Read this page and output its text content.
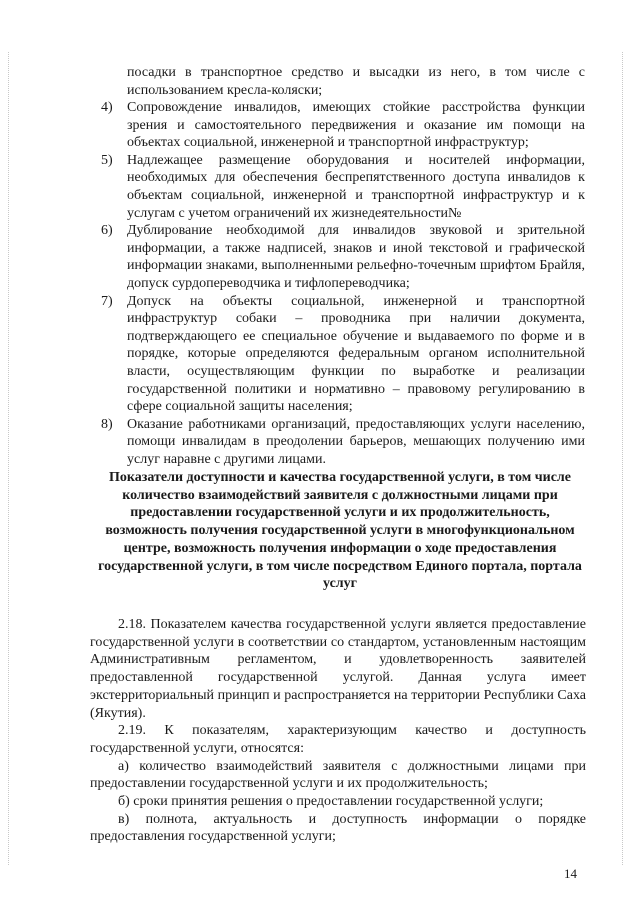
посадки в транспортное средство и высадки из него, в том числе с использованием кресла-коляски;
4)	Сопровождение инвалидов, имеющих стойкие расстройства функции зрения и самостоятельного передвижения и оказание им помощи на объектах социальной, инженерной и транспортной инфраструктур;
5)	Надлежащее размещение оборудования и носителей информации, необходимых для обеспечения беспрепятственного доступа инвалидов к объектам социальной, инженерной и транспортной инфраструктур и к услугам с учетом ограничений их жизнедеятельности№
6)	Дублирование необходимой для инвалидов звуковой и зрительной информации, а также надписей, знаков и иной текстовой и графической информации знаками, выполненными рельефно-точечным шрифтом Брайля, допуск сурдопереводчика и тифлопереводчика;
7)	Допуск на объекты социальной, инженерной и транспортной инфраструктур собаки – проводника при наличии документа, подтверждающего ее специальное обучение и выдаваемого по форме и в порядке, которые определяются федеральным органом исполнительной власти, осуществляющим функции по выработке и реализации государственной политики и нормативно – правовому регулированию в сфере социальной защиты населения;
8)	Оказание работниками организаций, предоставляющих услуги населению, помощи инвалидам в преодолении барьеров, мешающих получению ими услуг наравне с другими лицами.
Показатели доступности и качества государственной услуги, в том числе количество взаимодействий заявителя с должностными лицами при предоставлении государственной услуги и их продолжительность, возможность получения государственной услуги в многофункциональном центре, возможность получения информации о ходе предоставления государственной услуги, в том числе посредством Единого портала, портала услуг

2.18. Показателем качества государственной услуги является предоставление государственной услуги в соответствии со стандартом, установленным настоящим Административным регламентом, и удовлетворенность заявителей предоставленной государственной услугой. Данная услуга имеет экстерриториальный принцип и распространяется на территории Республики Саха (Якутия).

2.19. К показателям, характеризующим качество и доступность государственной услуги, относятся:

а) количество взаимодействий заявителя с должностными лицами при предоставлении государственной услуги и их продолжительность;

б) сроки принятия решения о предоставлении государственной услуги;

в) полнота, актуальность и доступность информации о порядке предоставления государственной услуги;

14
